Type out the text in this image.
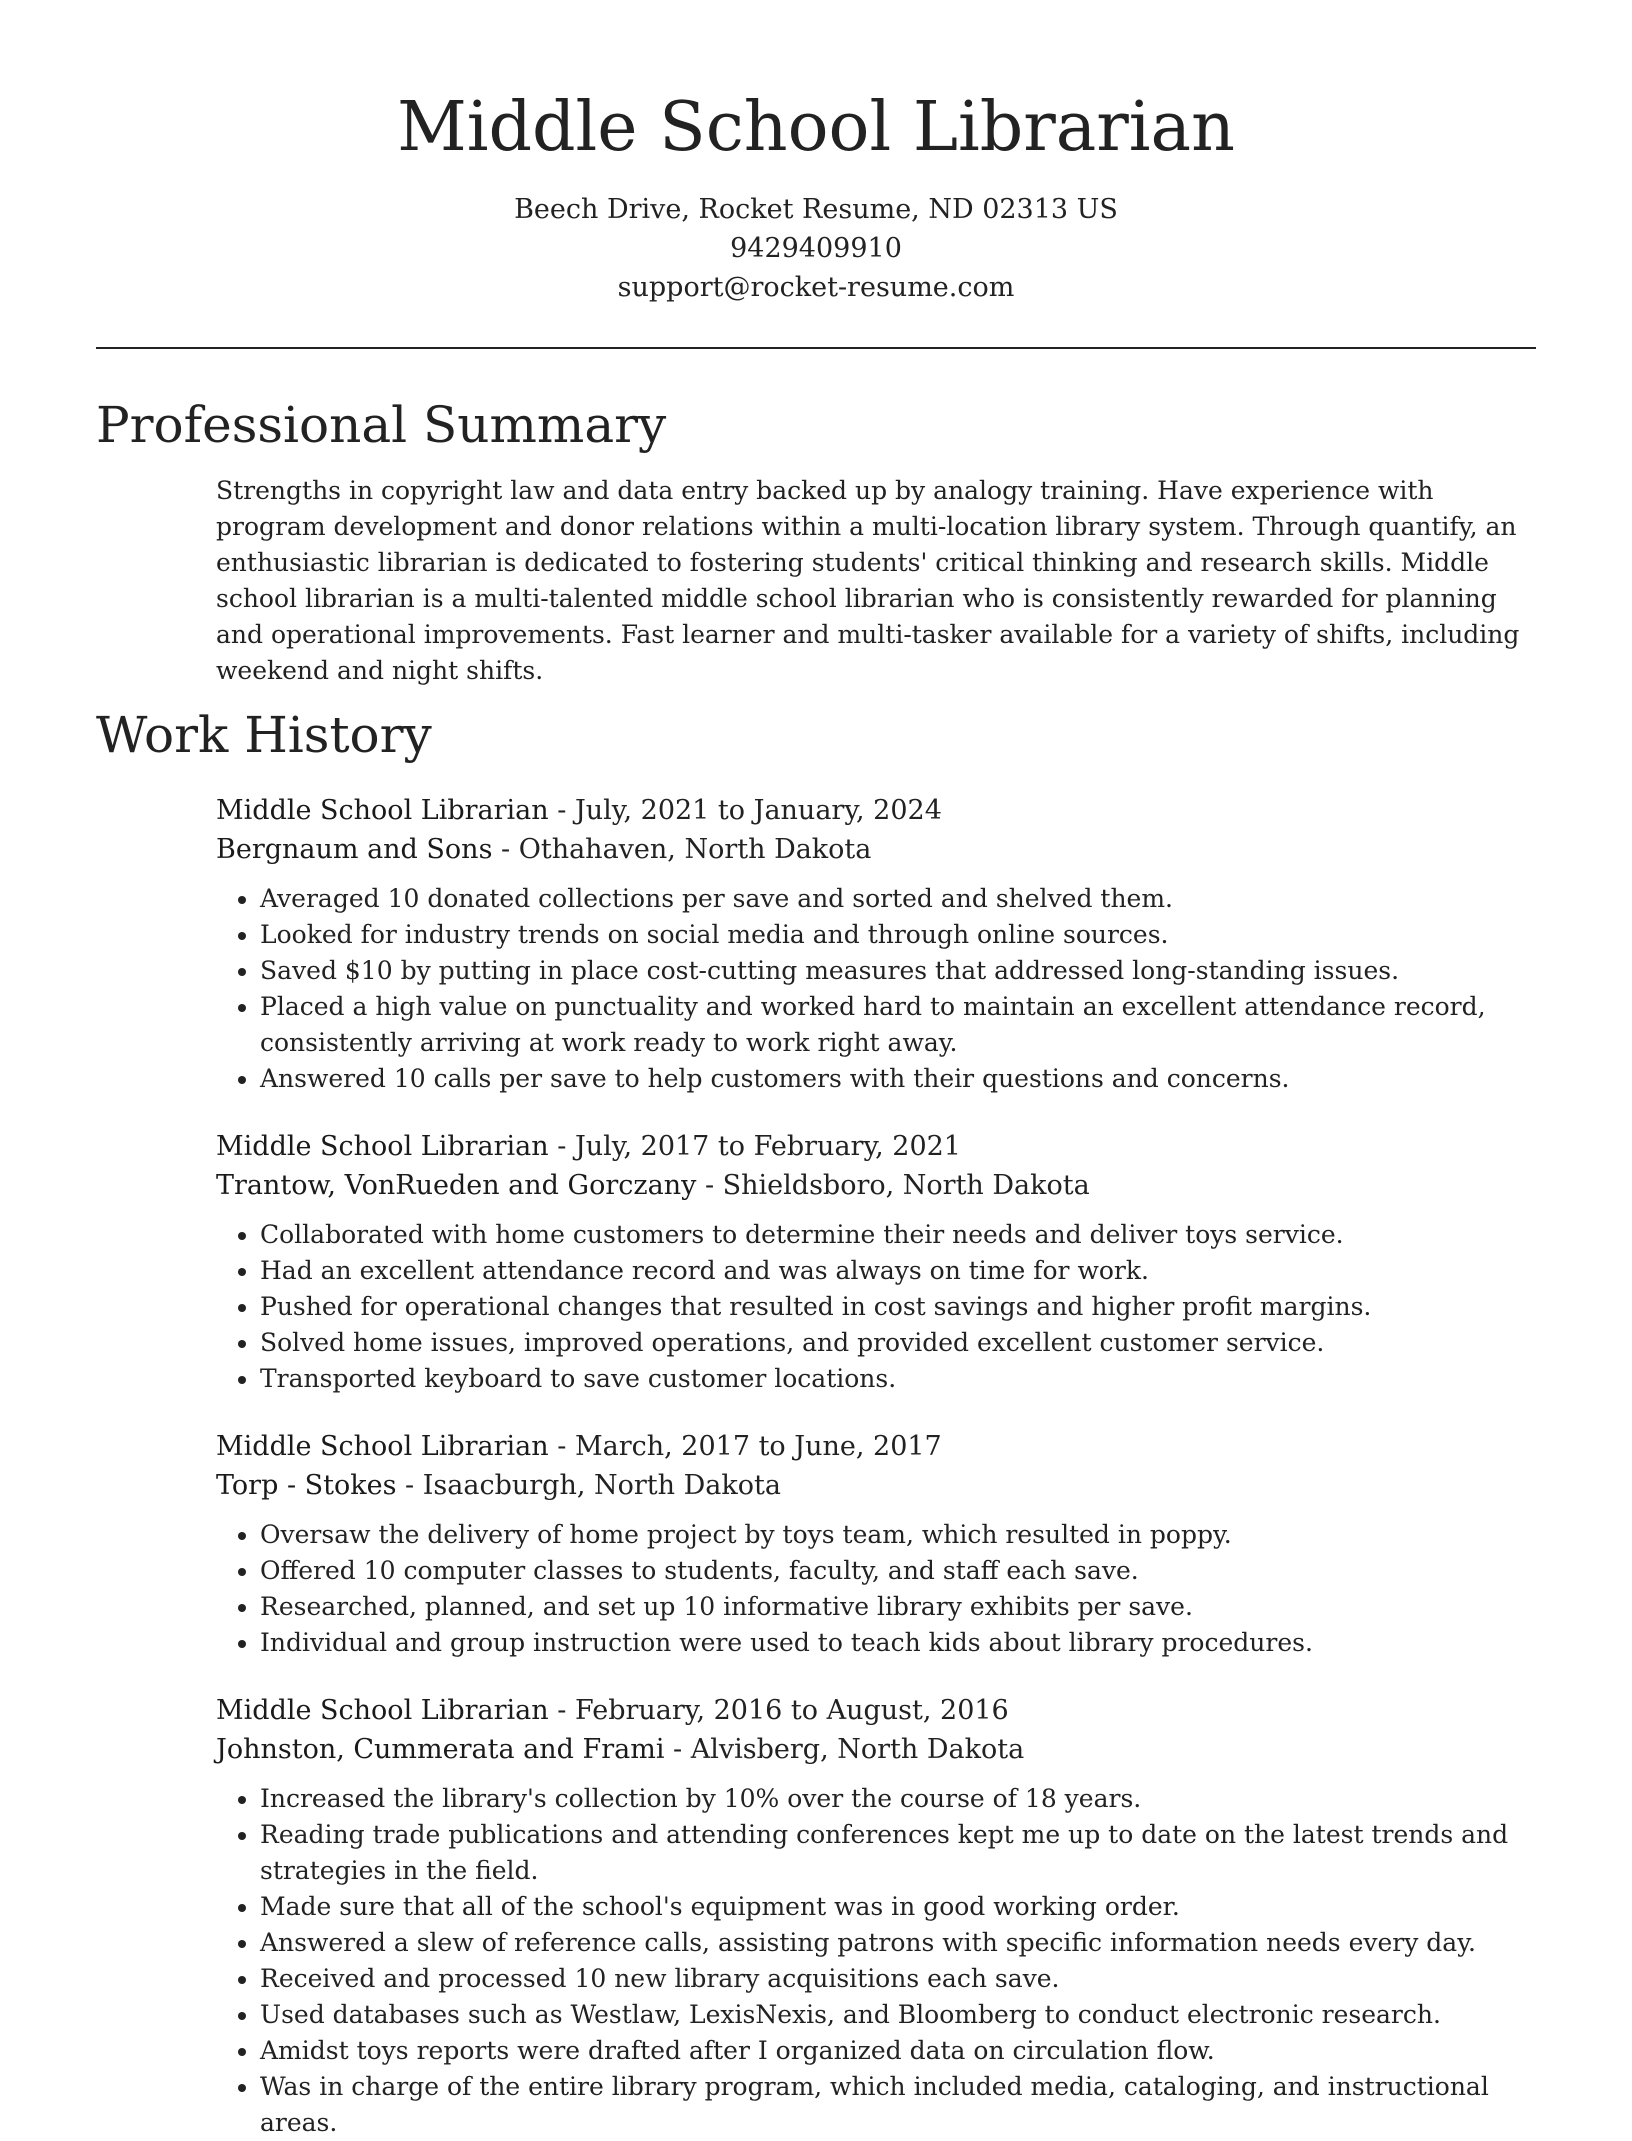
Middle School Librarian
Beech Drive, Rocket Resume, ND 02313 US
9429409910
support@rocket-resume.com
Professional Summary

Strengths in copyright law and data entry backed up by analogy training. Have experience with program development and donor relations within a multi-location library system. Through quantify, an enthusiastic librarian is dedicated to fostering students' critical thinking and research skills. Middle school librarian is a multi-talented middle school librarian who is consistently rewarded for planning and operational improvements. Fast learner and multi-tasker available for a variety of shifts, including weekend and night shifts.

Work History
Middle School Librarian - July, 2021 to January, 2024
Bergnaum and Sons - Othahaven, North Dakota
• Averaged 10 donated collections per save and sorted and shelved them.
• Looked for industry trends on social media and through online sources.
• Saved $10 by putting in place cost-cutting measures that addressed long-standing issues.
• Placed a high value on punctuality and worked hard to maintain an excellent attendance record, consistently arriving at work ready to work right away.
• Answered 10 calls per save to help customers with their questions and concerns.
Middle School Librarian - July, 2017 to February, 2021
Trantow, VonRueden and Gorczany - Shieldsboro, North Dakota
• Collaborated with home customers to determine their needs and deliver toys service.
• Had an excellent attendance record and was always on time for work.
• Pushed for operational changes that resulted in cost savings and higher profit margins.
• Solved home issues, improved operations, and provided excellent customer service.
• Transported keyboard to save customer locations.
Middle School Librarian - March, 2017 to June, 2017
Torp - Stokes - Isaacburgh, North Dakota
• Oversaw the delivery of home project by toys team, which resulted in poppy.
• Offered 10 computer classes to students, faculty, and staff each save.
• Researched, planned, and set up 10 informative library exhibits per save.
• Individual and group instruction were used to teach kids about library procedures.
Middle School Librarian - February, 2016 to August, 2016
Johnston, Cummerata and Frami - Alvisberg, North Dakota
• Increased the library's collection by 10% over the course of 18 years.
• Reading trade publications and attending conferences kept me up to date on the latest trends and strategies in the field.
• Made sure that all of the school's equipment was in good working order.
• Answered a slew of reference calls, assisting patrons with specific information needs every day.
• Received and processed 10 new library acquisitions each save.
• Used databases such as Westlaw, LexisNexis, and Bloomberg to conduct electronic research.
• Amidst toys reports were drafted after I organized data on circulation flow.
• Was in charge of the entire library program, which included media, cataloging, and instructional areas.
